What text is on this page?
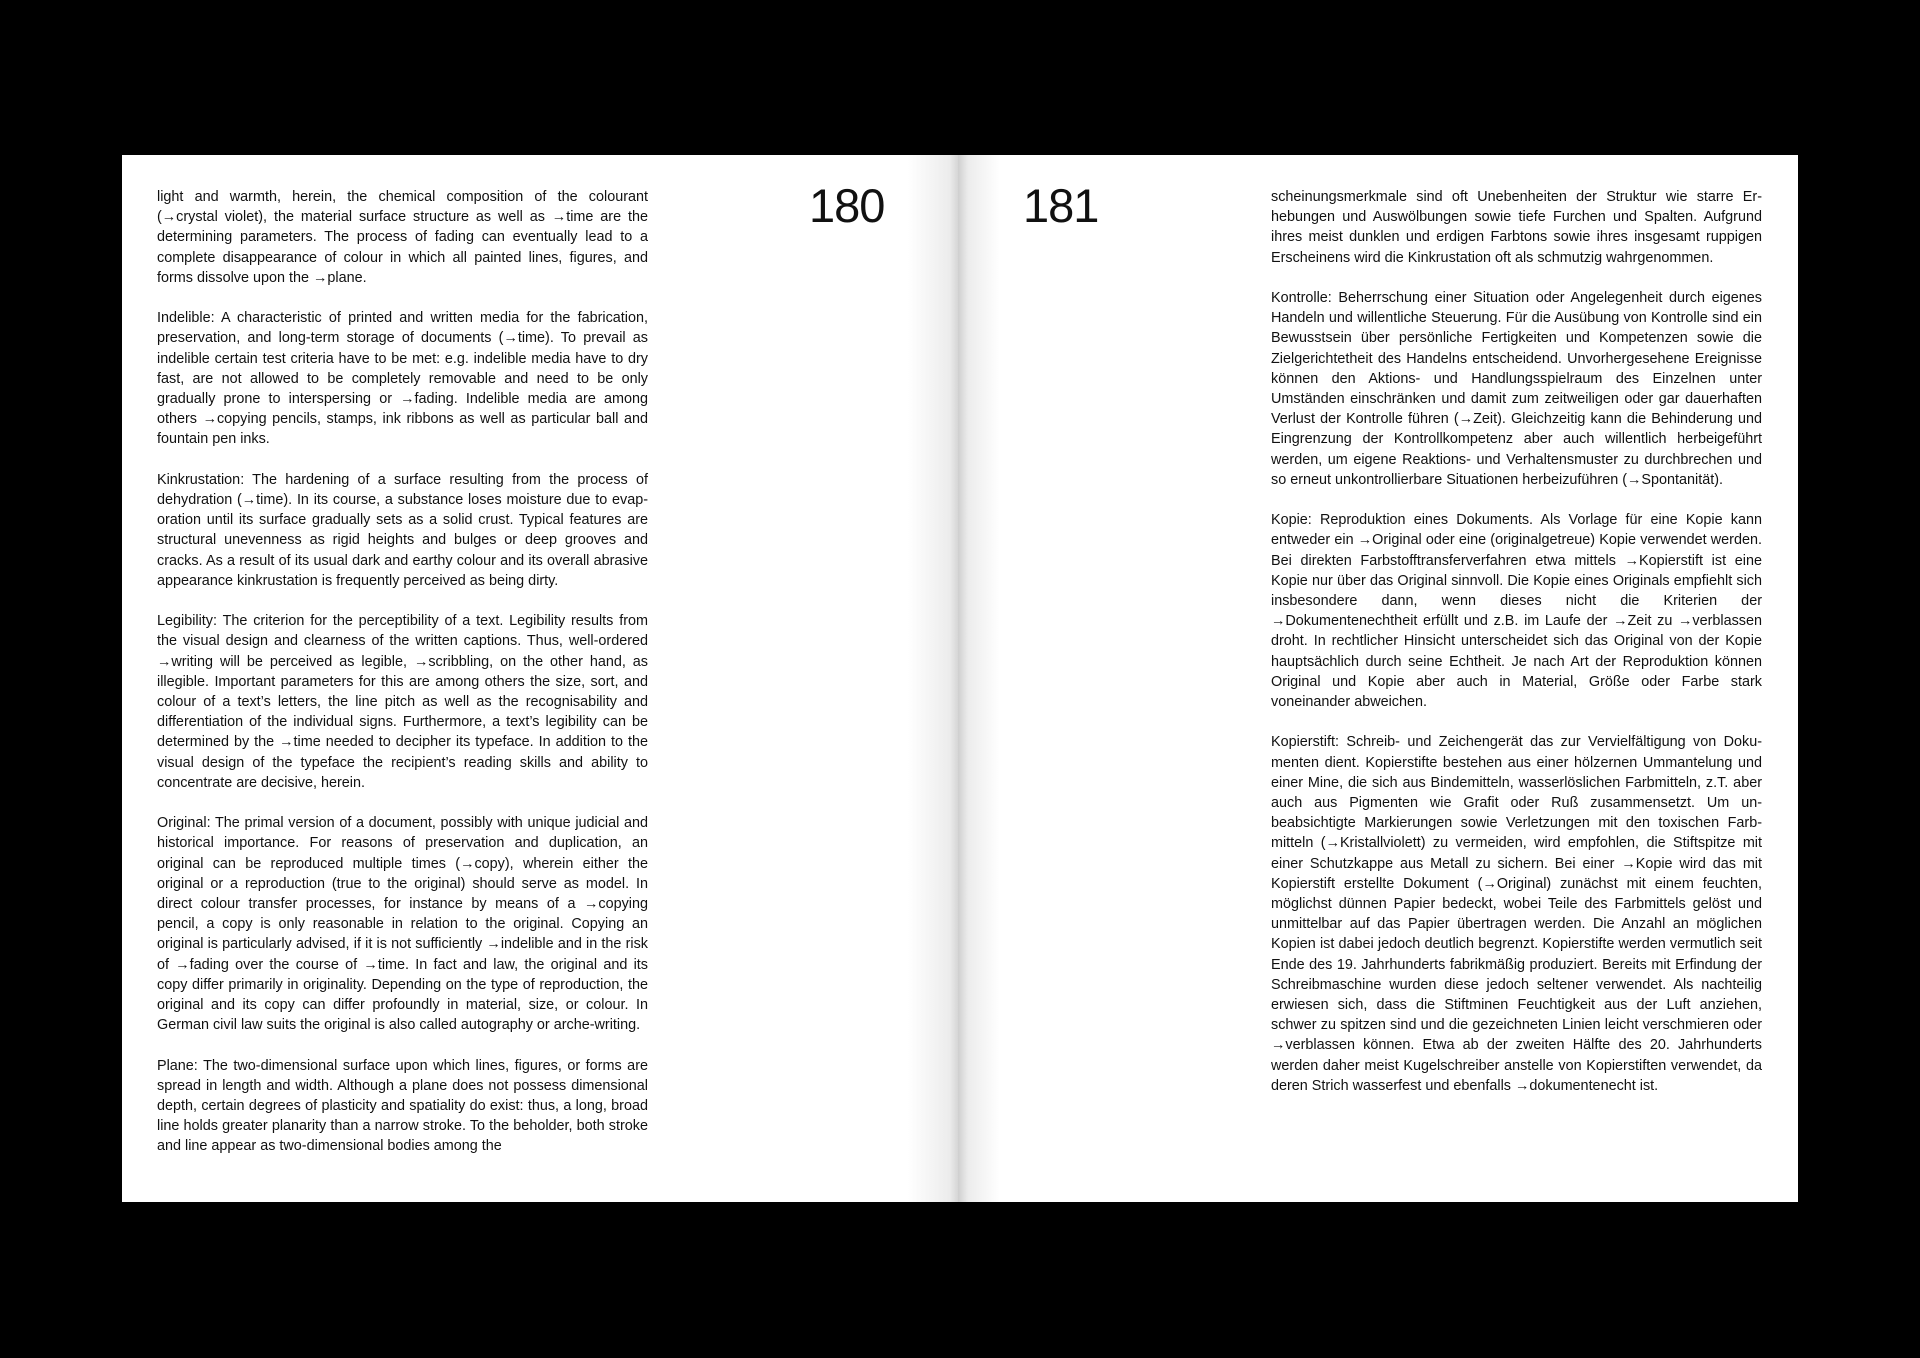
180

light and warmth, herein, the chemical composition of the colourant (→crystal violet), the material surface structure as well as →time are the determining parameters. The process of fading can eventually lead to a complete disappearance of colour in which all painted lines, figures, and forms dissolve upon the →plane.

Indelible: A characteristic of printed and written media for the fabrication, preservation, and long-term storage of documents (→time). To prevail as indelible certain test criteria have to be met: e.g. indelible media have to dry fast, are not allowed to be completely removable and need to be only gradually prone to interspersing or →fading. Indelible media are among others →copying pencils, stamps, ink ribbons as well as particular ball and fountain pen inks.

Kinkrustation: The hardening of a surface resulting from the process of dehydration (→time). In its course, a substance loses moisture due to evaporation until its surface gradually sets as a solid crust. Typical features are structural unevenness as rigid heights and bulges or deep grooves and cracks. As a result of its usual dark and earthy colour and its overall abrasive appearance kinkrustation is frequently perceived as being dirty.

Legibility: The criterion for the perceptibility of a text. Legibility results from the visual design and clearness of the written captions. Thus, well-ordered →writing will be perceived as legible, →scribbling, on the other hand, as illegible. Important parameters for this are among others the size, sort, and colour of a text’s letters, the line pitch as well as the recognisability and differentiation of the individual signs. Furthermore, a text’s legibility can be determined by the →time needed to decipher its typeface. In addition to the visual design of the typeface the recipient’s reading skills and ability to concentrate are decisive, herein.

Original: The primal version of a document, possibly with unique judicial and historical importance. For reasons of preservation and duplication, an original can be reproduced multiple times (→copy), wherein either the original or a reproduction (true to the original) should serve as model. In direct colour transfer processes, for instance by means of a →copying pencil, a copy is only reasonable in relation to the original. Copying an original is particularly advised, if it is not sufficiently →indelible and in the risk of →fading over the course of →time. In fact and law, the original and its copy differ primarily in originality. Depending on the type of reproduction, the original and its copy can differ profoundly in material, size, or colour. In German civil law suits the original is also called autography or arche-writing.

Plane: The two-dimensional surface upon which lines, figures, or forms are spread in length and width. Although a plane does not possess dimensional depth, certain degrees of plasticity and spatiality do exist: thus, a long, broad line holds greater planarity than a narrow stroke. To the beholder, both stroke and line appear as two-dimensional bodies among the

181	scheinungsmerkmale sind oft Unebenheiten der Struktur wie starre Erhebungen und Auswölbungen sowie tiefe Furchen und Spalten. Aufgrund ihres meist dunklen und erdigen Farbtons sowie ihres insgesamt ruppigen Erscheinens wird die Kinkrustation oft als schmutzig wahrgenommen.

Kontrolle: Beherrschung einer Situation oder Angelegenheit durch eigenes Handeln und willentliche Steuerung. Für die Ausübung von Kontrolle sind ein Bewusstsein über persönliche Fertigkeiten und Kompetenzen sowie die Zielgerichtetheit des Handelns entscheidend. Unvorhergesehene Ereignisse können den Aktions- und Handlungsspielraum des Einzelnen unter Umständen einschränken und damit zum zeitweiligen oder gar dauerhaften Verlust der Kontrolle führen (→Zeit). Gleichzeitig kann die Behinderung und Eingrenzung der Kontrollkompetenz aber auch willentlich herbeigeführt werden, um eigene Reaktions- und Verhaltensmuster zu durchbrechen und so erneut unkontrollierbare Situationen herbeizuführen (→Spontanität).

Kopie: Reproduktion eines Dokuments. Als Vorlage für eine Kopie kann entweder ein →Original oder eine (originalgetreue) Kopie verwendet werden. Bei direkten Farbstofftransferverfahren etwa mittels →Kopierstift ist eine Kopie nur über das Original sinnvoll. Die Kopie eines Originals empfiehlt sich insbesondere dann, wenn dieses nicht die Kriterien der →Dokumentenechtheit erfüllt und z.B. im Laufe der →Zeit zu →verblassen droht. In rechtlicher Hinsicht unterscheidet sich das Original von der Kopie hauptsächlich durch seine Echtheit. Je nach Art der Reproduktion können Original und Kopie aber auch in Material, Größe oder Farbe stark voneinander abweichen.

Kopierstift: Schreib- und Zeichengerät das zur Vervielfältigung von Dokumenten dient. Kopierstifte bestehen aus einer hölzernen Ummantelung und einer Mine, die sich aus Bindemitteln, wasserlöslichen Farbmitteln, z.T. aber auch aus Pigmenten wie Grafit oder Ruß zusammensetzt. Um unbeabsichtigte Markierungen sowie Verletzungen mit den toxischen Farbmitteln (→Kristallviolett) zu vermeiden, wird empfohlen, die Stiftspitze mit einer Schutzkappe aus Metall zu sichern. Bei einer →Kopie wird das mit Kopierstift erstellte Dokument (→Original) zunächst mit einem feuchten, möglichst dünnen Papier bedeckt, wobei Teile des Farbmittels gelöst und unmittelbar auf das Papier übertragen werden. Die Anzahl an möglichen Kopien ist dabei jedoch deutlich begrenzt. Kopierstifte werden vermutlich seit Ende des 19. Jahrhunderts fabrikmäßig produziert. Bereits mit Erfindung der Schreibmaschine wurden diese jedoch seltener verwendet. Als nachteilig erwiesen sich, dass die Stiftminen Feuchtigkeit aus der Luft anziehen, schwer zu spitzen sind und die gezeichneten Linien leicht verschmieren oder →verblassen können. Etwa ab der zweiten Hälfte des 20. Jahrhunderts werden daher meist Kugelschreiber anstelle von Kopierstiften verwendet, da deren Strich wasserfest und ebenfalls →dokumentenecht ist.
